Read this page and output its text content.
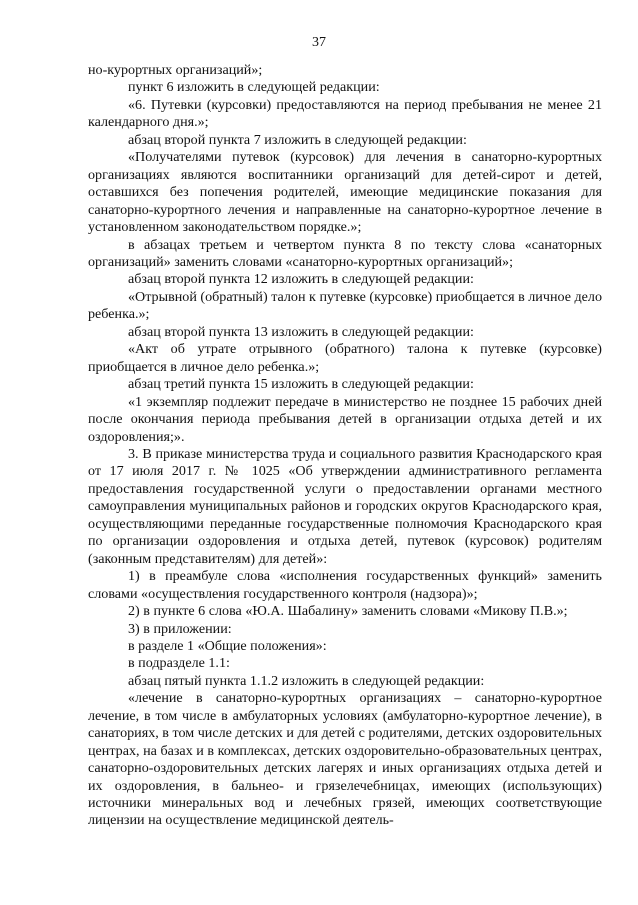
37

но-курортных организаций»;

пункт 6 изложить в следующей редакции:

«6. Путевки (курсовки) предоставляются на период пребывания не менее 21 календарного дня.»;

абзац второй пункта 7 изложить в следующей редакции:

«Получателями путевок (курсовок) для лечения в санаторно-курортных организациях являются воспитанники организаций для детей-сирот и детей, оставшихся без попечения родителей, имеющие медицинские показания для санаторно-курортного лечения и направленные на санаторно-курортное лечение в установленном законодательством порядке.»;

в абзацах третьем и четвертом пункта 8 по тексту слова «санаторных организаций» заменить словами «санаторно-курортных организаций»;

абзац второй пункта 12 изложить в следующей редакции:

«Отрывной (обратный) талон к путевке (курсовке) приобщается в личное дело ребенка.»;

абзац второй пункта 13 изложить в следующей редакции:

«Акт об утрате отрывного (обратного) талона к путевке (курсовке) приобщается в личное дело ребенка.»;

абзац третий пункта 15 изложить в следующей редакции:

«1 экземпляр подлежит передаче в министерство не позднее 15 рабочих дней после окончания периода пребывания детей в организации отдыха детей и их оздоровления;».

3. В приказе министерства труда и социального развития Краснодарского края от 17 июля 2017 г. № 1025 «Об утверждении административного регламента предоставления государственной услуги о предоставлении органами местного самоуправления муниципальных районов и городских округов Краснодарского края, осуществляющими переданные государственные полномочия Краснодарского края по организации оздоровления и отдыха детей, путевок (курсовок) родителям (законным представителям) для детей»:

1) в преамбуле слова «исполнения государственных функций» заменить словами «осуществления государственного контроля (надзора)»;

2) в пункте 6 слова «Ю.А. Шабалину» заменить словами «Микову П.В.»;

3) в приложении:

в разделе 1 «Общие положения»:

в подразделе 1.1:

абзац пятый пункта 1.1.2 изложить в следующей редакции:

«лечение в санаторно-курортных организациях – санаторно-курортное лечение, в том числе в амбулаторных условиях (амбулаторно-курортное лечение), в санаториях, в том числе детских и для детей с родителями, детских оздоровительных центрах, на базах и в комплексах, детских оздоровительно-образовательных центрах, санаторно-оздоровительных детских лагерях и иных организациях отдыха детей и их оздоровления, в бальнео- и грязелечебницах, имеющих (использующих) источники минеральных вод и лечебных грязей, имеющих соответствующие лицензии на осуществление медицинской деятель-
